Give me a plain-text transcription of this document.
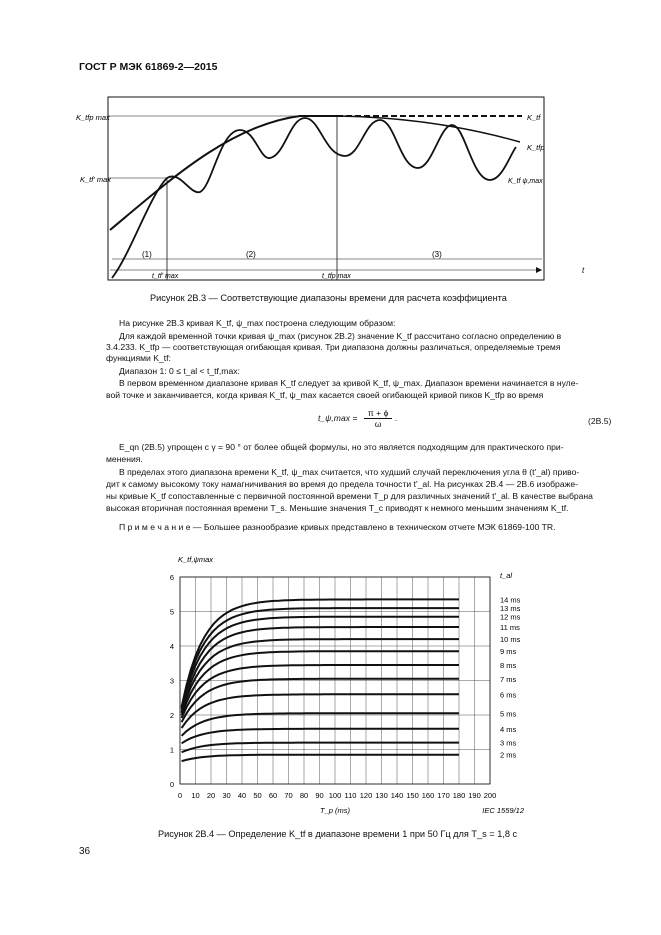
ГОСТ Р МЭК 61869-2—2015
(1)	(2)	(3)
K_tfp max
K_tf' max
K_tf
K_tfp
K_tf ψ,max
t_tf' max	t_tfp max
t
Рисунок 2В.3 — Соответствующие диапазоны времени для расчета коэффициента
На рисунке 2В.3 кривая K_tf, ψ_max построена следующим образом:
Для каждой временной точки кривая ψ_max (рисунок 2В.2) значение K_tf рассчитано согласно определению в
3.4.233. K_tfp — соответствующая огибающая кривая. Три диапазона должны различаться, определяемые тремя
функциями K_tf:
Диапазон 1: 0 ≤ t_al < t_tf,max:
В первом временном диапазоне кривая K_tf следует за кривой K_tf, ψ_max. Диапазон времени начинается в нуле-
вой точке и заканчивается, когда кривая K_tf, ψ_max касается своей огибающей кривой пиков K_tfp во время
t_ψ,max = $\frac{\pi + \phi}{\omega}$ .	(2В.5)
E_qn (2В.5) упрощен с γ = 90 ° от более общей формулы, но это является подходящим для практического при-
менения.
В пределах этого диапазона времени K_tf, ψ_max считается, что худший случай переключения угла θ (t'_al) приво-
дит к самому высокому току намагничивания во время до предела точности t'_al. На рисунках 2В.4 — 2В.6 изображе-
ны кривые K_tf сопоставленные с первичной постоянной времени T_p для различных значений t'_al. В качестве выбрана
высокая вторичная постоянная времени T_s. Меньшие значения T_c приводят к немного меньшим значениям K_tf.
П р и м е ч а н и е — Большее разнообразие кривых представлено в техническом отчете МЭК 61869-100 TR.
0 10 20 30 40 50 60 70 80 90 100 110 120 130 140 150 160 170 180 190 200
0
1
2
3
4
5
6
14 ms
13 ms
12 ms
11 ms
10 ms
9 ms
8 ms
7 ms
6 ms
5 ms
4 ms
3 ms
2 ms
K_tf,ψmax
t_al
T_p (ms)	IEC 1559/12
Рисунок 2В.4 — Определение K_tf в диапазоне времени 1 при 50 Гц для T_s = 1,8 с
36
